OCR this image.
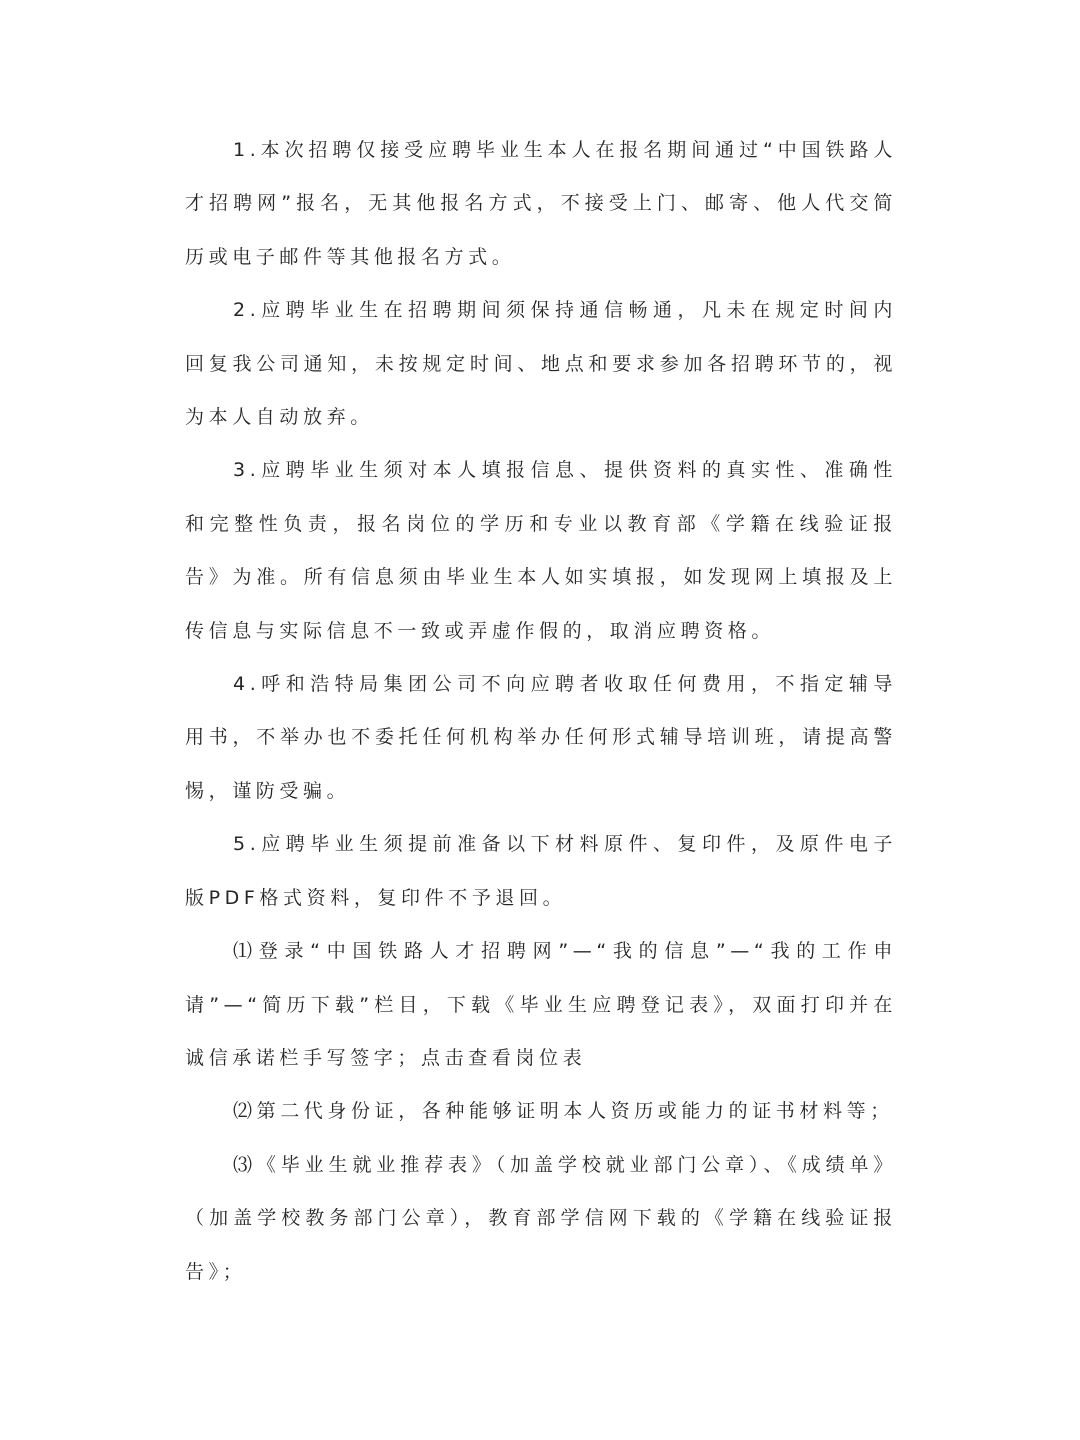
1.本次招聘仅接受应聘毕业生本人在报名期间通过“中国铁路人才招聘网”报名，无其他报名方式，不接受上门、邮寄、他人代交简历或电子邮件等其他报名方式。

2.应聘毕业生在招聘期间须保持通信畅通，凡未在规定时间内回复我公司通知，未按规定时间、地点和要求参加各招聘环节的，视为本人自动放弃。

3.应聘毕业生须对本人填报信息、提供资料的真实性、准确性和完整性负责，报名岗位的学历和专业以教育部《学籍在线验证报告》为准。所有信息须由毕业生本人如实填报，如发现网上填报及上传信息与实际信息不一致或弄虚作假的，取消应聘资格。

4.呼和浩特局集团公司不向应聘者收取任何费用，不指定辅导用书，不举办也不委托任何机构举办任何形式辅导培训班，请提高警惕，谨防受骗。

5.应聘毕业生须提前准备以下材料原件、复印件，及原件电子版PDF格式资料，复印件不予退回。

⑴登录“中国铁路人才招聘网”—“我的信息”—“我的工作申请”—“简历下载”栏目，下载《毕业生应聘登记表》，双面打印并在诚信承诺栏手写签字；点击查看岗位表

⑵第二代身份证，各种能够证明本人资历或能力的证书材料等；

⑶《毕业生就业推荐表》（加盖学校就业部门公章）、《成绩单》（加盖学校教务部门公章），教育部学信网下载的《学籍在线验证报告》；
